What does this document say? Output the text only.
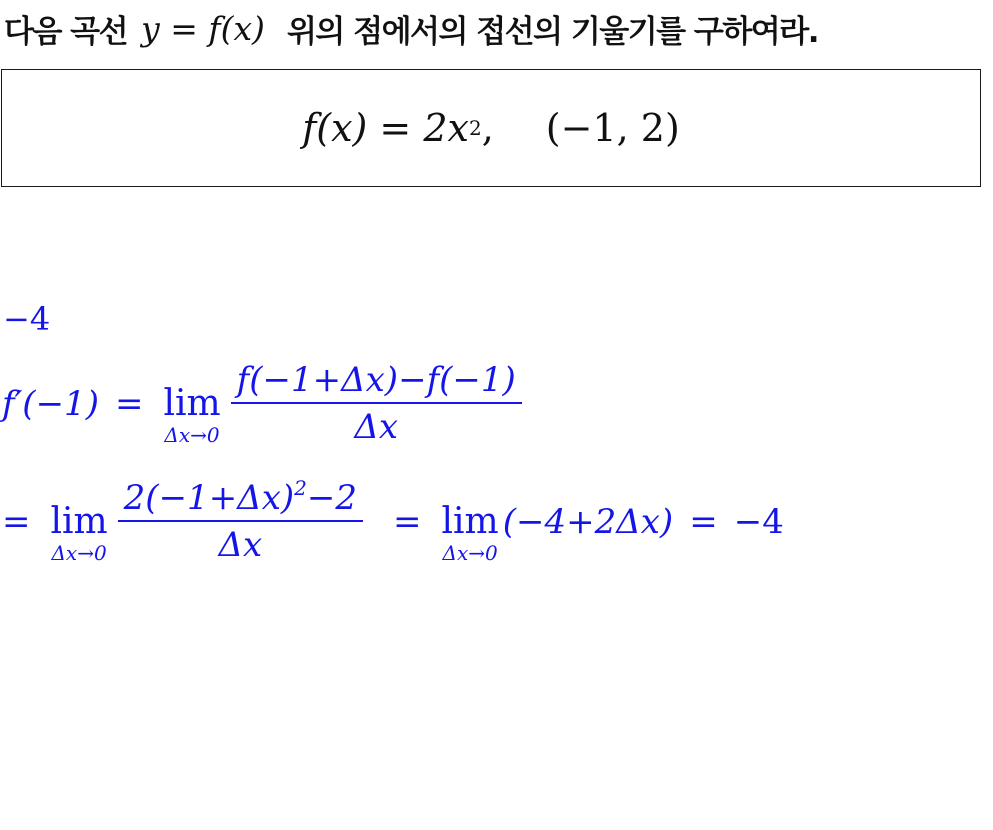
다음 곡선 y = f(x) 위의 점에서의 접선의 기울기를 구하여라.
f(x) = 2x 2 , (−1, 2)
−4
f′(−1) = lim
$\Delta x\to 0 \frac{f(-1+\Delta x)-f(-1)}{\Delta x}$
= lim
$\Delta x\to 0 \frac{2(-1+\Delta x)^2-2}{\Delta x} = \lim$
Δx→0
(−4+2Δx) = −4
